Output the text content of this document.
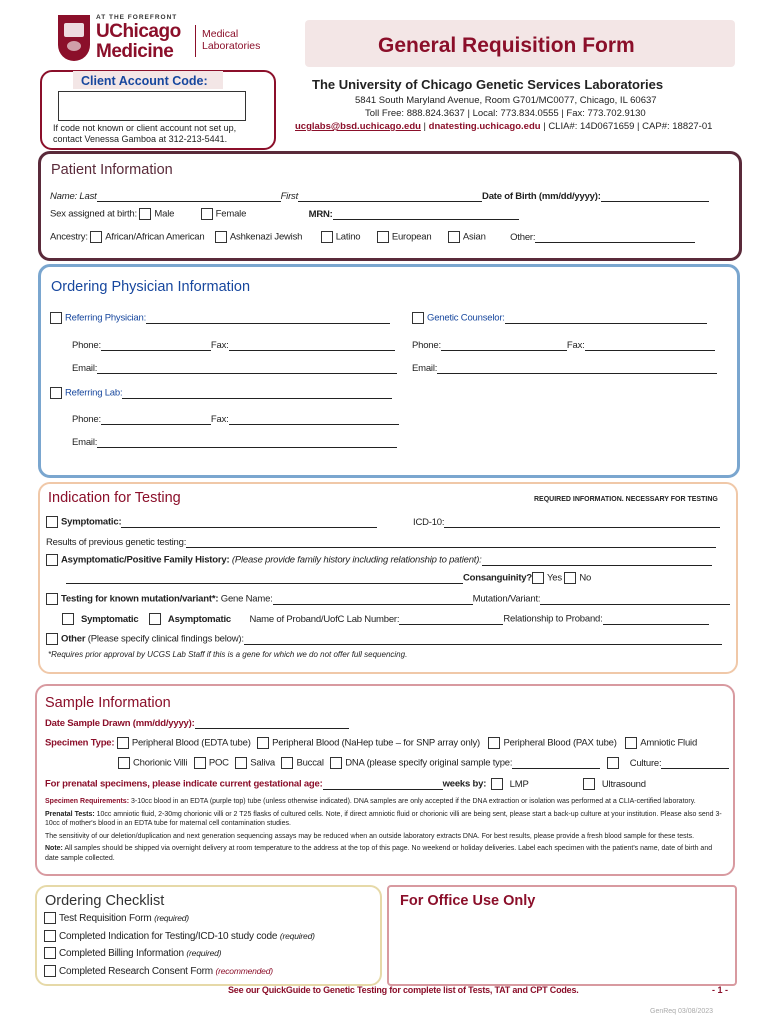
AT THE FOREFRONT
UChicago
Medicine
Medical
Laboratories	General Requisition Form
The University of Chicago Genetic Services Laboratories
5841 South Maryland Avenue, Room G701/MC0077, Chicago, IL 60637
Toll Free: 888.824.3637 | Local: 773.834.0555 | Fax: 773.702.9130
ucglabs@bsd.uchicago.edu | dnatesting.uchicago.edu | CLIA#: 14D0671659 | CAP#: 18827-01
Client Account Code:
If code not known or client account not set up,
contact Venessa Gamboa at 312-213-5441.
Patient Information
Name: Last	First	Date of Birth (mm/dd/yyyy):
Sex assigned at birth: Male	Female	MRN:
Ancestry: African/African American	Ashkenazi Jewish	Latino	European	Asian	Other:
Ordering Physician Information
Referring Physician:	Genetic Counselor:
Phone:	Fax:	Phone:	Fax:
Email:	Email:
Referring Lab:
Phone:	Fax:
Email:
Indication for Testing	REQUIRED INFORMATION. NECESSARY FOR TESTING
Symptomatic:	ICD-10:
Results of previous genetic testing:
Asymptomatic/Positive Family History: (Please provide family history including relationship to patient):
Consanguinity? Yes No
Testing for known mutation/variant*: Gene Name:	Mutation/Variant:
Symptomatic	Asymptomatic Name of Proband/UofC Lab Number:	Relationship to Proband:
Other (Please specify clinical findings below):
*Requires prior approval by UCGS Lab Staff if this is a gene for which we do not offer full sequencing.
Sample Information
Date Sample Drawn (mm/dd/yyyy):
Specimen Type: Peripheral Blood (EDTA tube) Peripheral Blood (NaHep tube – for SNP array only) Peripheral Blood (PAX tube) Amniotic Fluid
Chorionic Villi POC Saliva Buccal DNA (please specify original sample type:	Culture:
For prenatal specimens, please indicate current gestational age:	weeks by: LMP	Ultrasound
Specimen Requirements: 3-10cc blood in an EDTA (purple top) tube (unless otherwise indicated). DNA samples are only accepted if the DNA extraction or isolation was performed at a CLIA-certified laboratory.
Prenatal Tests: 10cc amniotic fluid, 2-30mg chorionic villi or 2 T25 flasks of cultured cells. Note, if direct amniotic fluid or chorionic villi are being sent, please start a back-up culture at your institution. Please also send 3-10cc of mother's blood in an EDTA tube for maternal cell contamination studies.
The sensitivity of our deletion/duplication and next generation sequencing assays may be reduced when an outside laboratory extracts DNA. For best results, please provide a fresh blood sample for these tests.
Note: All samples should be shipped via overnight delivery at room temperature to the address at the top of this page. No weekend or holiday deliveries. Label each specimen with the patient's name, date of birth and date sample collected.
Ordering Checklist
Test Requisition Form (required)
Completed Indication for Testing/ICD-10 study code (required)
Completed Billing Information (required)
Completed Research Consent Form (recommended)
For Office Use Only
See our QuickGuide to Genetic Testing for complete list of Tests, TAT and CPT Codes.	- 1 -
GenReq 03/08/2023
